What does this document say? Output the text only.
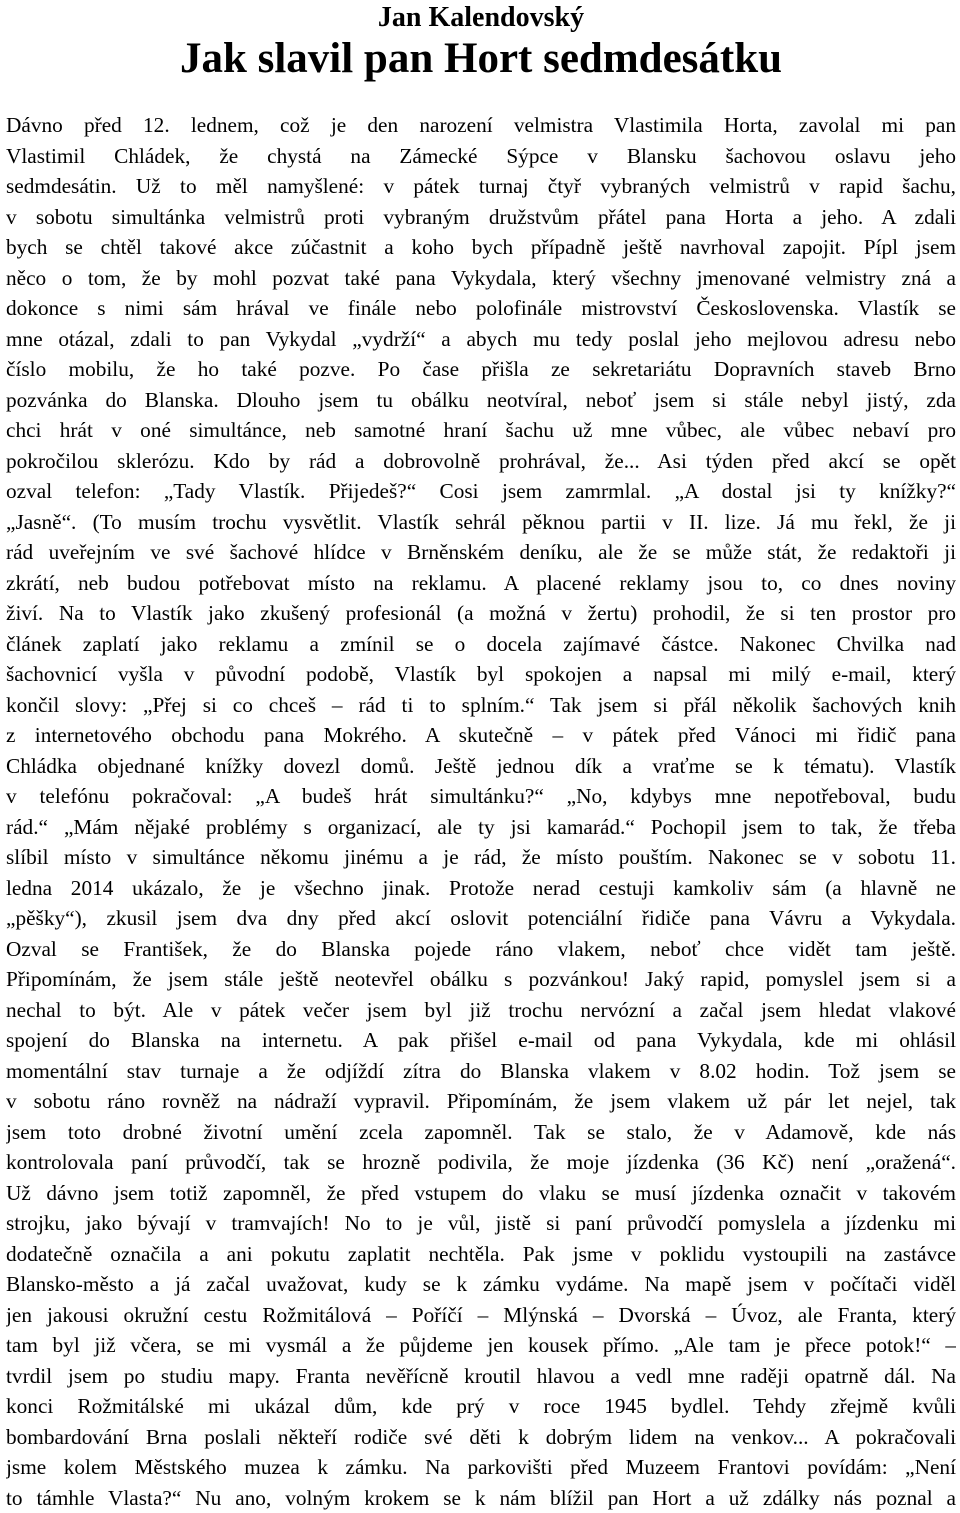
Jan Kalendovský
Jak slavil pan Hort sedmdesátku
Dávno před 12. lednem, což je den narození velmistra Vlastimila Horta, zavolal mi pan
Vlastimil Chládek, že chystá na Zámecké Sýpce v Blansku šachovou oslavu jeho
sedmdesátin. Už to měl namyšlené: v pátek turnaj čtyř vybraných velmistrů v rapid šachu,
v sobotu simultánka velmistrů proti vybraným družstvům přátel pana Horta a jeho. A zdali
bych se chtěl takové akce zúčastnit a koho bych případně ještě navrhoval zapojit. Pípl jsem
něco o tom, že by mohl pozvat také pana Vykydala, který všechny jmenované velmistry zná a
dokonce s nimi sám hrával ve finále nebo polofinále mistrovství Československa. Vlastík se
mne otázal, zdali to pan Vykydal „vydrží“ a abych mu tedy poslal jeho mejlovou adresu nebo
číslo mobilu, že ho také pozve. Po čase přišla ze sekretariátu Dopravních staveb Brno
pozvánka do Blanska. Dlouho jsem tu obálku neotvíral, neboť jsem si stále nebyl jistý, zda
chci hrát v oné simultánce, neb samotné hraní šachu už mne vůbec, ale vůbec nebaví pro
pokročilou sklerózu. Kdo by rád a dobrovolně prohrával, že... Asi týden před akcí se opět
ozval telefon: „Tady Vlastík. Přijedeš?“ Cosi jsem zamrmlal. „A dostal jsi ty knížky?“
„Jasně“. (To musím trochu vysvětlit. Vlastík sehrál pěknou partii v II. lize. Já mu řekl, že ji
rád uveřejním ve své šachové hlídce v Brněnském deníku, ale že se může stát, že redaktoři ji
zkrátí, neb budou potřebovat místo na reklamu. A placené reklamy jsou to, co dnes noviny
živí. Na to Vlastík jako zkušený profesionál (a možná v žertu) prohodil, že si ten prostor pro
článek zaplatí jako reklamu a zmínil se o docela zajímavé částce. Nakonec Chvilka nad
šachovnicí vyšla v původní podobě, Vlastík byl spokojen a napsal mi milý e-mail, který
končil slovy: „Přej si co chceš – rád ti to splním.“ Tak jsem si přál několik šachových knih
z internetového obchodu pana Mokrého. A skutečně – v pátek před Vánoci mi řidič pana
Chládka objednané knížky dovezl domů. Ještě jednou dík a vraťme se k tématu). Vlastík
v telefónu pokračoval: „A budeš hrát simultánku?“ „No, kdybys mne nepotřeboval, budu
rád.“ „Mám nějaké problémy s organizací, ale ty jsi kamarád.“ Pochopil jsem to tak, že třeba
slíbil místo v simultánce někomu jinému a je rád, že místo pouštím. Nakonec se v sobotu 11.
ledna 2014 ukázalo, že je všechno jinak. Protože nerad cestuji kamkoliv sám (a hlavně ne
„pěšky“), zkusil jsem dva dny před akcí oslovit potenciální řidiče pana Vávru a Vykydala.
Ozval se František, že do Blanska pojede ráno vlakem, neboť chce vidět tam ještě.
Připomínám, že jsem stále ještě neotevřel obálku s pozvánkou! Jaký rapid, pomyslel jsem si a
nechal to být. Ale v pátek večer jsem byl již trochu nervózní a začal jsem hledat vlakové
spojení do Blanska na internetu. A pak přišel e-mail od pana Vykydala, kde mi ohlásil
momentální stav turnaje a že odjíždí zítra do Blanska vlakem v 8.02 hodin. Tož jsem se
v sobotu ráno rovněž na nádraží vypravil. Připomínám, že jsem vlakem už pár let nejel, tak
jsem toto drobné životní umění zcela zapomněl. Tak se stalo, že v Adamově, kde nás
kontrolovala paní průvodčí, tak se hrozně podivila, že moje jízdenka (36 Kč) není „oražená“.
Už dávno jsem totiž zapomněl, že před vstupem do vlaku se musí jízdenka označit v takovém
strojku, jako bývají v tramvajích! No to je vůl, jistě si paní průvodčí pomyslela a jízdenku mi
dodatečně označila a ani pokutu zaplatit nechtěla. Pak jsme v poklidu vystoupili na zastávce
Blansko-město a já začal uvažovat, kudy se k zámku vydáme. Na mapě jsem v počítači viděl
jen jakousi okružní cestu Rožmitálová – Poříčí – Mlýnská – Dvorská – Úvoz, ale Franta, který
tam byl již včera, se mi vysmál a že půjdeme jen kousek přímo. „Ale tam je přece potok!“ –
tvrdil jsem po studiu mapy. Franta nevěřícně kroutil hlavou a vedl mne raději opatrně dál. Na
konci Rožmitálské mi ukázal dům, kde prý v roce 1945 bydlel. Tehdy zřejmě kvůli
bombardování Brna poslali někteří rodiče své děti k dobrým lidem na venkov... A pokračovali
jsme kolem Městského muzea k zámku. Na parkovišti před Muzeem Frantovi povídám: „Není
to támhle Vlasta?“ Nu ano, volným krokem se k nám blížil pan Hort a už zdálky nás poznal a
